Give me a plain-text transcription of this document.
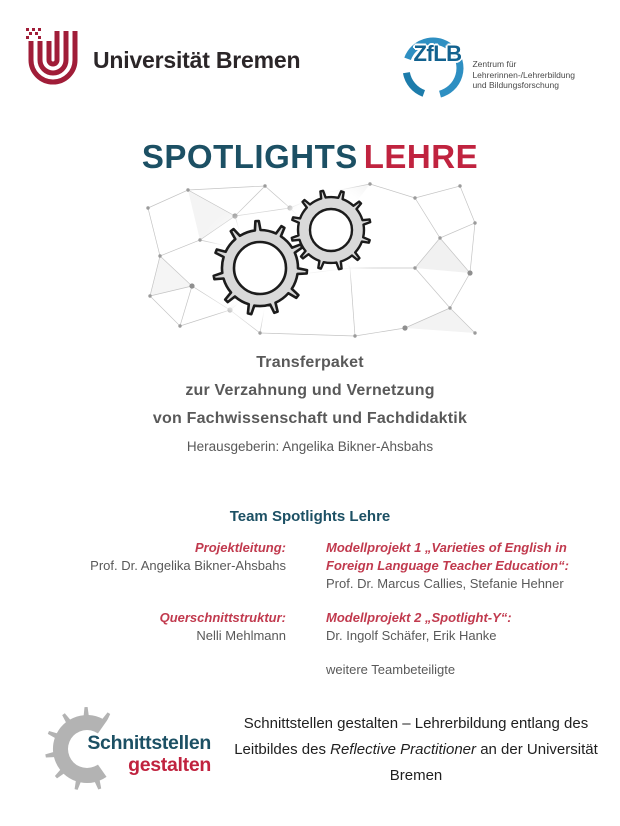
Universität Bremen	ZfLB Zentrum für
Lehrerinnen-/Lehrerbildung
und Bildungsforschung
SPOTLIGHTS LEHRE
Transferpaket
zur Verzahnung und Vernetzung
von Fachwissenschaft und Fachdidaktik
Herausgeberin: Angelika Bikner-Ahsbahs
Team Spotlights Lehre
Projektleitung:
Prof. Dr. Angelika Bikner-Ahsbahs
Modellprojekt 1 „Varieties of English in Foreign Language Teacher Education“:
Prof. Dr. Marcus Callies, Stefanie Hehner
Querschnittstruktur:
Nelli Mehlmann
Modellprojekt 2 „Spotlight-Y“:
Dr. Ingolf Schäfer, Erik Hanke
weitere Teambeteiligte
Schnittstellen
gestalten
Schnittstellen gestalten – Lehrerbildung entlang des Leitbildes des Reflective Practitioner an der Universität Bremen
